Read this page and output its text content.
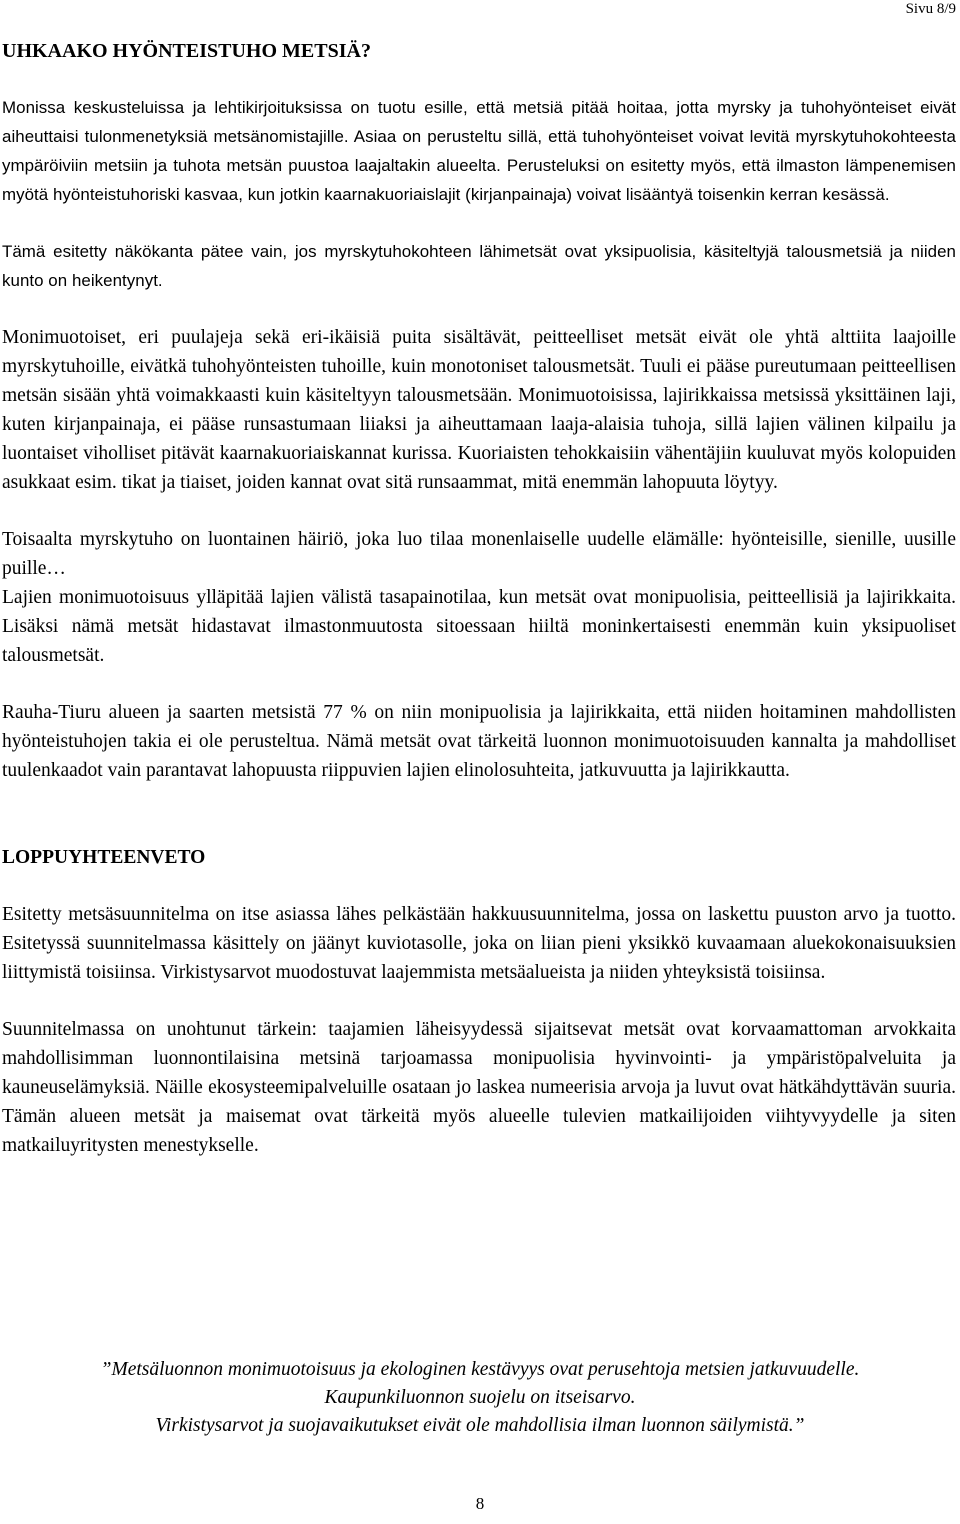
Sivu 8/9
UHKAAKO HYÖNTEISTUHO METSIÄ?

Monissa keskusteluissa ja lehtikirjoituksissa on tuotu esille, että metsiä pitää hoitaa, jotta myrsky ja tuhohyönteiset eivät aiheuttaisi tulonmenetyksiä metsänomistajille. Asiaa on perusteltu sillä, että tuhohyönteiset voivat levitä myrskytuhokohteesta ympäröiviin metsiin ja tuhota metsän puustoa laajaltakin alueelta. Perusteluksi on esitetty myös, että ilmaston lämpenemisen myötä hyönteistuhoriski kasvaa, kun jotkin kaarnakuoriaislajit (kirjanpainaja) voivat lisääntyä toisenkin kerran kesässä.

Tämä esitetty näkökanta pätee vain, jos myrskytuhokohteen lähimetsät ovat yksipuolisia, käsiteltyjä talousmetsiä ja niiden kunto on heikentynyt.

Monimuotoiset, eri puulajeja sekä eri-ikäisiä puita sisältävät, peitteelliset metsät eivät ole yhtä alttiita laajoille myrskytuhoille, eivätkä tuhohyönteisten tuhoille, kuin monotoniset talousmetsät. Tuuli ei pääse pureutumaan peitteellisen metsän sisään yhtä voimakkaasti kuin käsiteltyyn talousmetsään. Monimuotoisissa, lajirikkaissa metsissä yksittäinen laji, kuten kirjanpainaja, ei pääse runsastumaan liiaksi ja aiheuttamaan laaja-alaisia tuhoja, sillä lajien välinen kilpailu ja luontaiset viholliset pitävät kaarnakuoriaiskannat kurissa. Kuoriaisten tehokkaisiin vähentäjiin kuuluvat myös kolopuiden asukkaat esim. tikat ja tiaiset, joiden kannat ovat sitä runsaammat, mitä enemmän lahopuuta löytyy.

Toisaalta myrskytuho on luontainen häiriö, joka luo tilaa monenlaiselle uudelle elämälle: hyönteisille, sienille, uusille puille…

Lajien monimuotoisuus ylläpitää lajien välistä tasapainotilaa, kun metsät ovat monipuolisia, peitteellisiä ja lajirikkaita. Lisäksi nämä metsät hidastavat ilmastonmuutosta sitoessaan hiiltä moninkertaisesti enemmän kuin yksipuoliset talousmetsät.

Rauha-Tiuru alueen ja saarten metsistä 77 % on niin monipuolisia ja lajirikkaita, että niiden hoitaminen mahdollisten hyönteistuhojen takia ei ole perusteltua. Nämä metsät ovat tärkeitä luonnon monimuotoisuuden kannalta ja mahdolliset tuulenkaadot vain parantavat lahopuusta riippuvien lajien elinolosuhteita, jatkuvuutta ja lajirikkautta.

LOPPUYHTEENVETO

Esitetty metsäsuunnitelma on itse asiassa lähes pelkästään hakkuusuunnitelma, jossa on laskettu puuston arvo ja tuotto. Esitetyssä suunnitelmassa käsittely on jäänyt kuviotasolle, joka on liian pieni yksikkö kuvaamaan aluekokonaisuuksien liittymistä toisiinsa. Virkistysarvot muodostuvat laajemmista metsäalueista ja niiden yhteyksistä toisiinsa.

Suunnitelmassa on unohtunut tärkein: taajamien läheisyydessä sijaitsevat metsät ovat korvaamattoman arvokkaita mahdollisimman luonnontilaisina metsinä tarjoamassa monipuolisia hyvinvointi- ja ympäristöpalveluita ja kauneuselämyksiä. Näille ekosysteemipalveluille osataan jo laskea numeerisia arvoja ja luvut ovat hätkähdyttävän suuria. Tämän alueen metsät ja maisemat ovat tärkeitä myös alueelle tulevien matkailijoiden viihtyvyydelle ja siten matkailuyritysten menestykselle.

”Metsäluonnon monimuotoisuus ja ekologinen kestävyys ovat perusehtoja metsien jatkuvuudelle.
Kaupunkiluonnon suojelu on itseisarvo.
Virkistysarvot ja suojavaikutukset eivät ole mahdollisia ilman luonnon säilymistä.”
8
